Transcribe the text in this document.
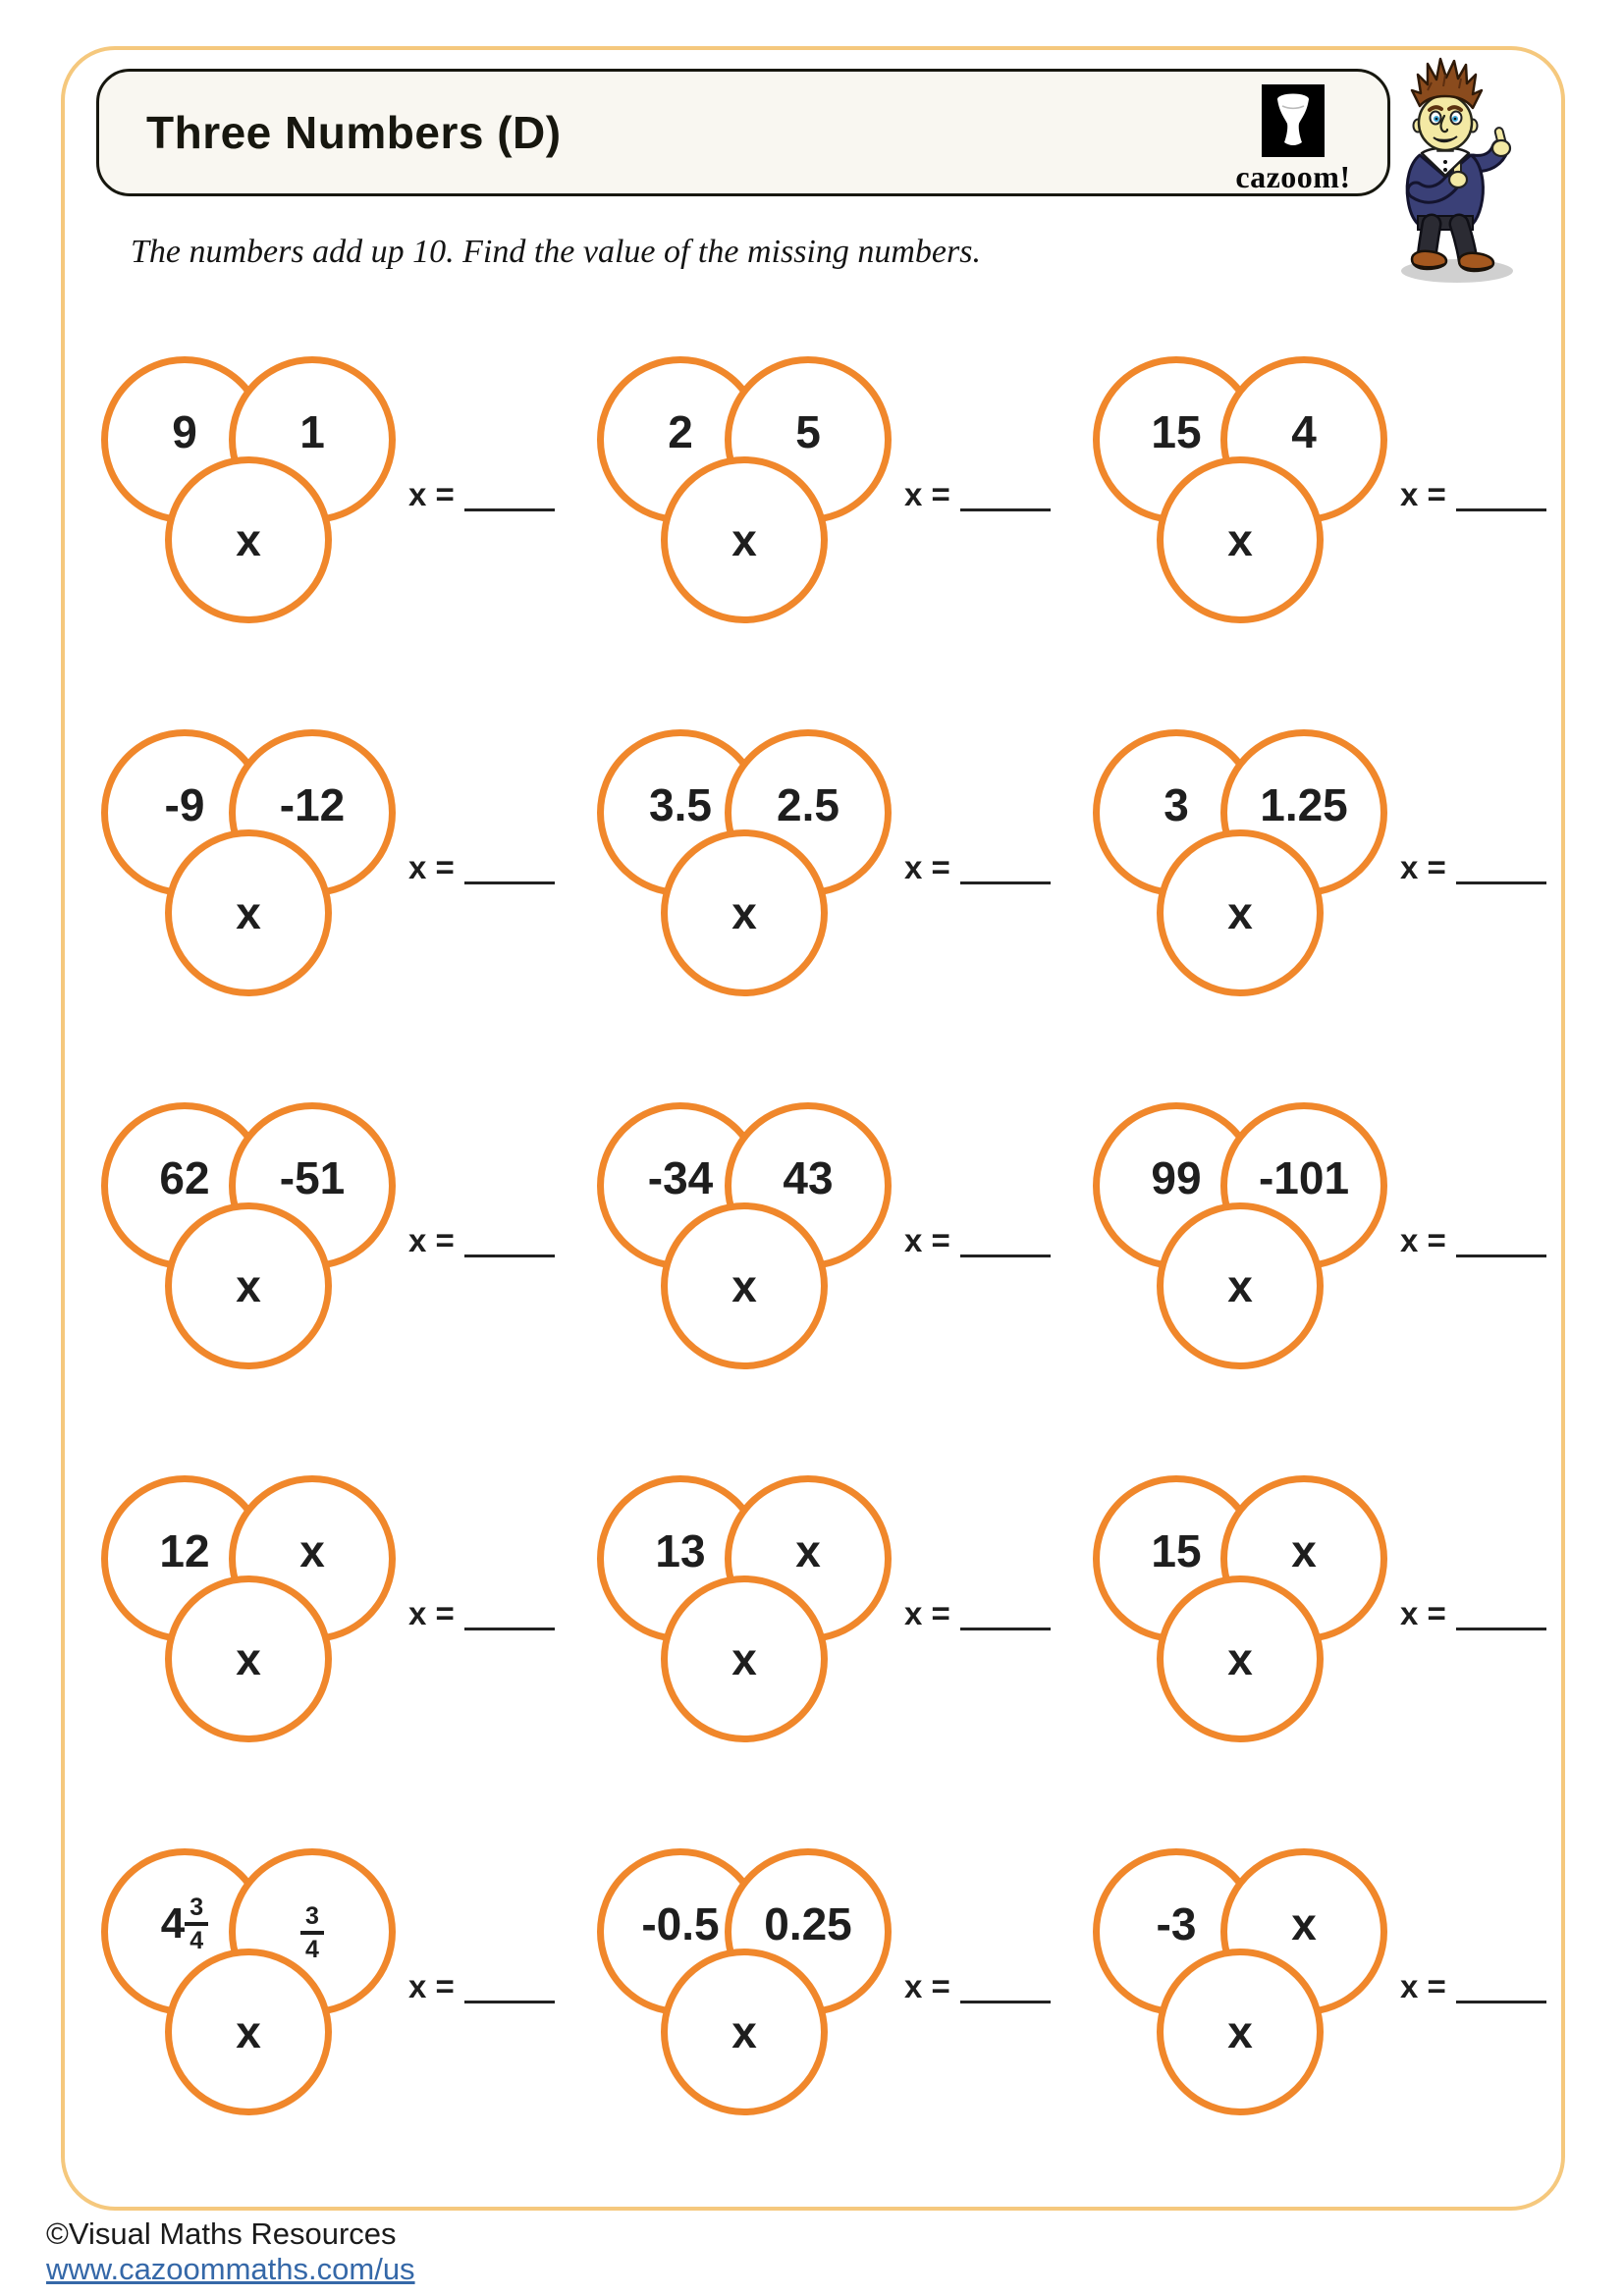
Three Numbers (D)
cazoom!
The numbers add up 10. Find the value of the missing numbers.
9 1
x
x =
2 5
x
x =
15 4
x
x =
-9 -12
x
x =
3.5 2.5
x
x =
3 1.25
x
x =
62 -51
x
x =
-34 43
x
x =
99 -101
x
x =
12 x
x
x =
13 x
x
x =
15 x
x
x =
$4 \frac{3}{4}$	$\frac{3}{4}$
x
x =
-0.5 0.25
x
x =
-3 x
x
x =
©Visual Maths Resources
www.cazoommaths.com/us
